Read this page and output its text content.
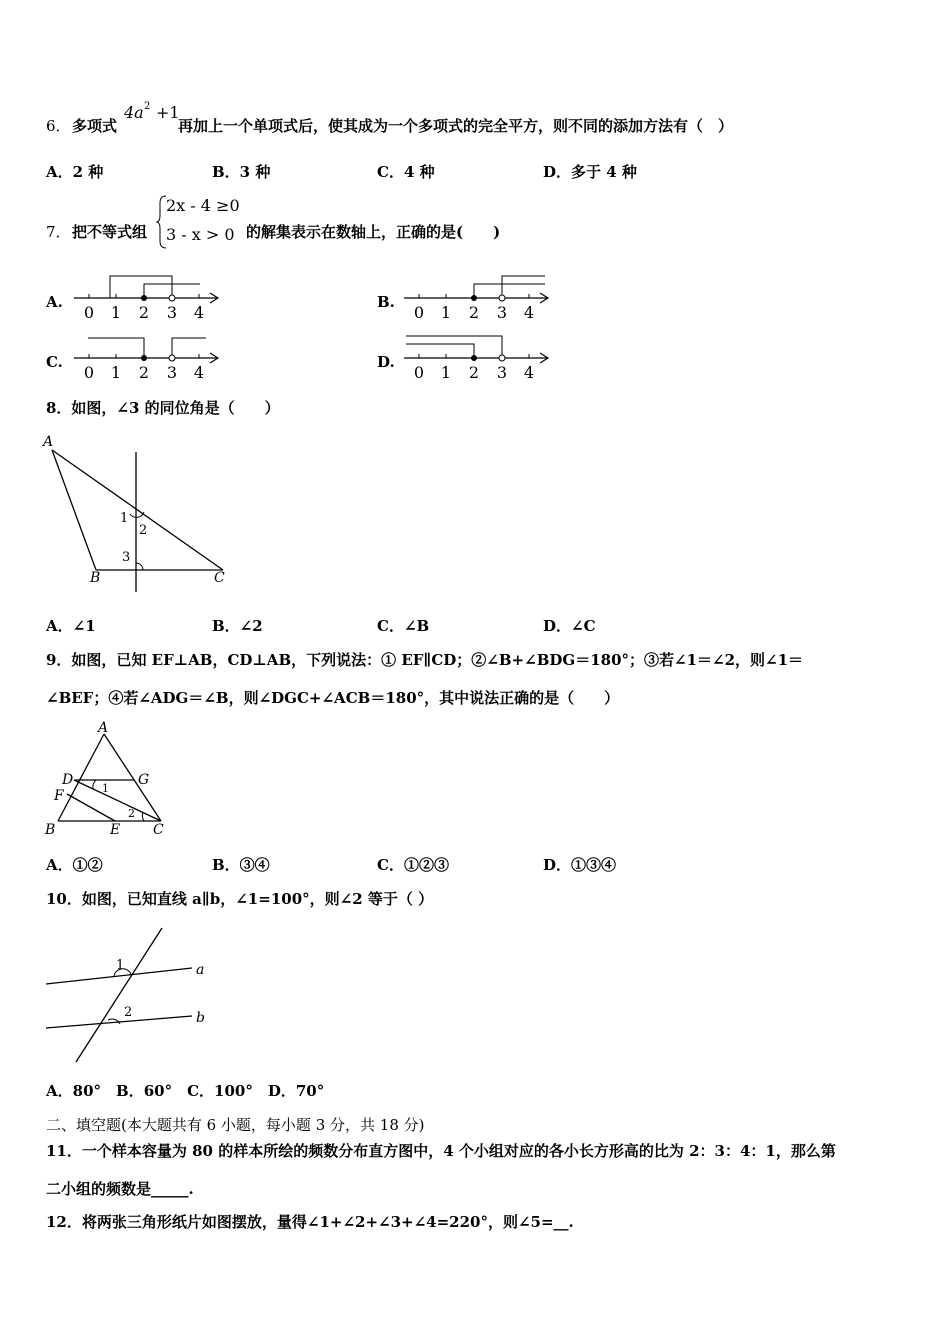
6． 多项式
4a 2 +1
再加上一个单项式后，使其成为一个多项式的完全平方，则不同的添加方法有（　）
A．2 种	B．3 种	C．4 种	D．多于 4 种
7． 把不等式组
2x - 4 ≥0
3 - x > 0 的解集表示在数轴上，正确的是(　　)
A.	B.
C.	D.
0 1 2 3 4	0 1 2 3 4
0 1 2 3 4	0 1 2 3 4
8．如图，∠3 的同位角是（　　）
A
B	C
1
2
3
A．∠1	B．∠2	C．∠B	D．∠C
9．如图，已知 EF⊥AB，CD⊥AB，下列说法：① EF∥CD；②∠B+∠BDG＝180°；③若∠1＝∠2，则∠1＝
∠BEF；④若∠ADG＝∠B，则∠DGC+∠ACB＝180°，其中说法正确的是（　　）
A
D	G
F
B	E C
1
2
A．①②	B．③④	C．①②③	D．①③④
10．如图，已知直线 a∥b，∠1=100°，则∠2 等于（ ）
a
b
1
2
A．80°　B．60°　C．100°　D．70°
二、填空题(本大题共有 6 小题，每小题 3 分，共 18 分)
11．一个样本容量为 80 的样本所绘的频数分布直方图中，4 个小组对应的各小长方形高的比为 2：3：4：1，那么第
二小组的频数是_____.
12．将两张三角形纸片如图摆放，量得∠1+∠2+∠3+∠4=220°，则∠5=__.
